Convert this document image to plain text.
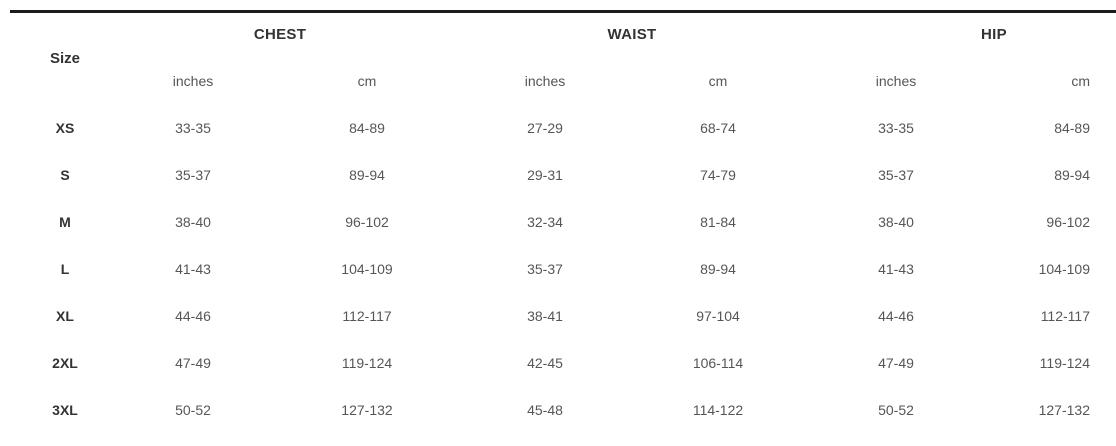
Size	CHEST		WAIST		HIP	
	inches	cm	inches	cm	inches	cm
XS	33-35	84-89	27-29	68-74	33-35	84-89
S	35-37	89-94	29-31	74-79	35-37	89-94
M	38-40	96-102	32-34	81-84	38-40	96-102
L	41-43	104-109	35-37	89-94	41-43	104-109
XL	44-46	112-117	38-41	97-104	44-46	112-117
2XL	47-49	119-124	42-45	106-114	47-49	119-124
3XL	50-52	127-132	45-48	114-122	50-52	127-132
